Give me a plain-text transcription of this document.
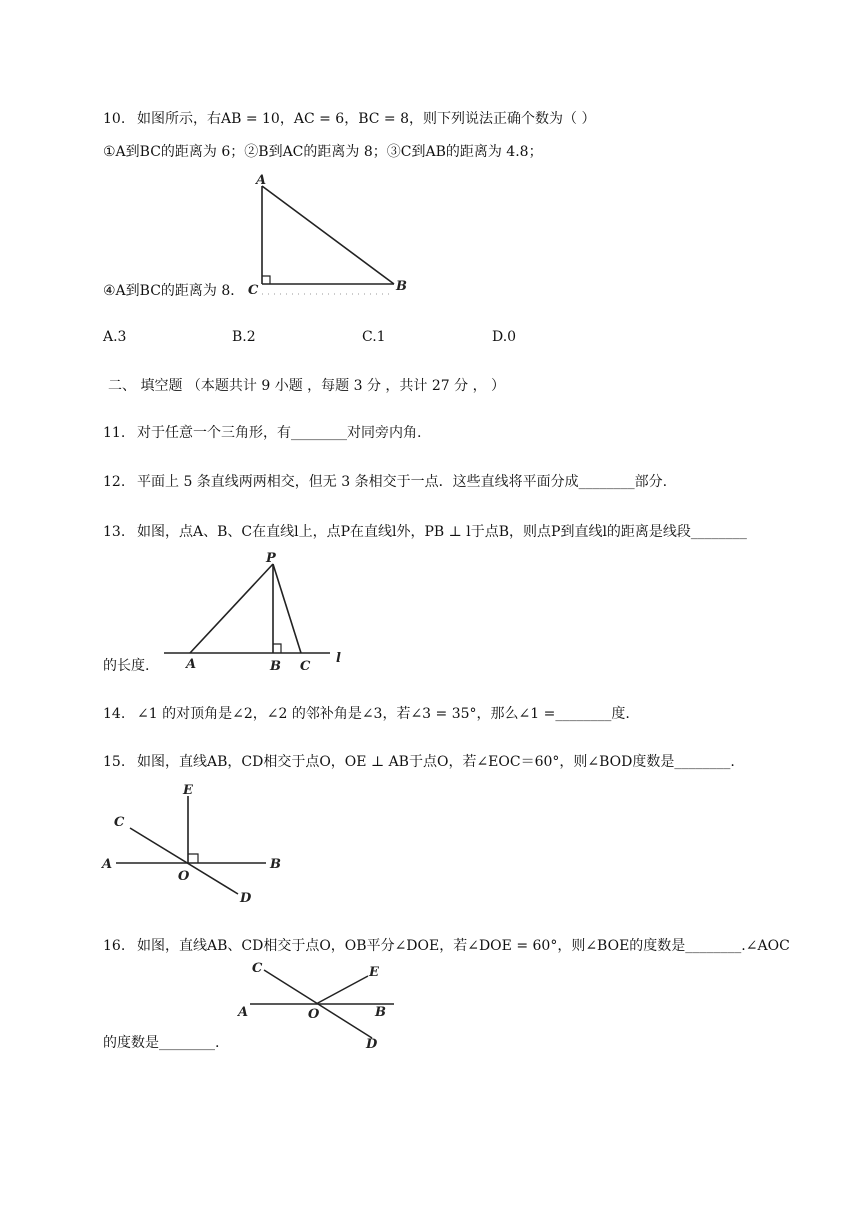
10. 如图所示，右AB = 10，AC = 6，BC = 8，则下列说法正确个数为（ ）
①A到BC的距离为 6；②B到AC的距离为 8；③C到AB的距离为 4.8；
A
C	B
④A到BC的距离为 8．
A.3	B.2	C.1	D.0
二、 填空题 （本题共计 9 小题 ，每题 3 分 ，共计 27 分 ， ）
11. 对于任意一个三角形，有________对同旁内角.
12. 平面上 5 条直线两两相交，但无 3 条相交于一点．这些直线将平面分成________部分.
13. 如图，点A、B、C在直线l上，点P在直线l外，PB ⊥ l于点B，则点P到直线l的距离是线段________
P
A	B C
l
的长度.
14. ∠1 的对顶角是∠2，∠2 的邻补角是∠3，若∠3 = 35°，那么∠1 =________度.
15. 如图，直线AB，CD相交于点O，OE ⊥ AB于点O，若∠EOC＝60°，则∠BOD度数是________.
E
C
A
O
B
D
16. 如图，直线AB、CD相交于点O，OB平分∠DOE，若∠DOE = 60°，则∠BOE的度数是________.∠AOC
C	E
A	O	B
D
的度数是________.
